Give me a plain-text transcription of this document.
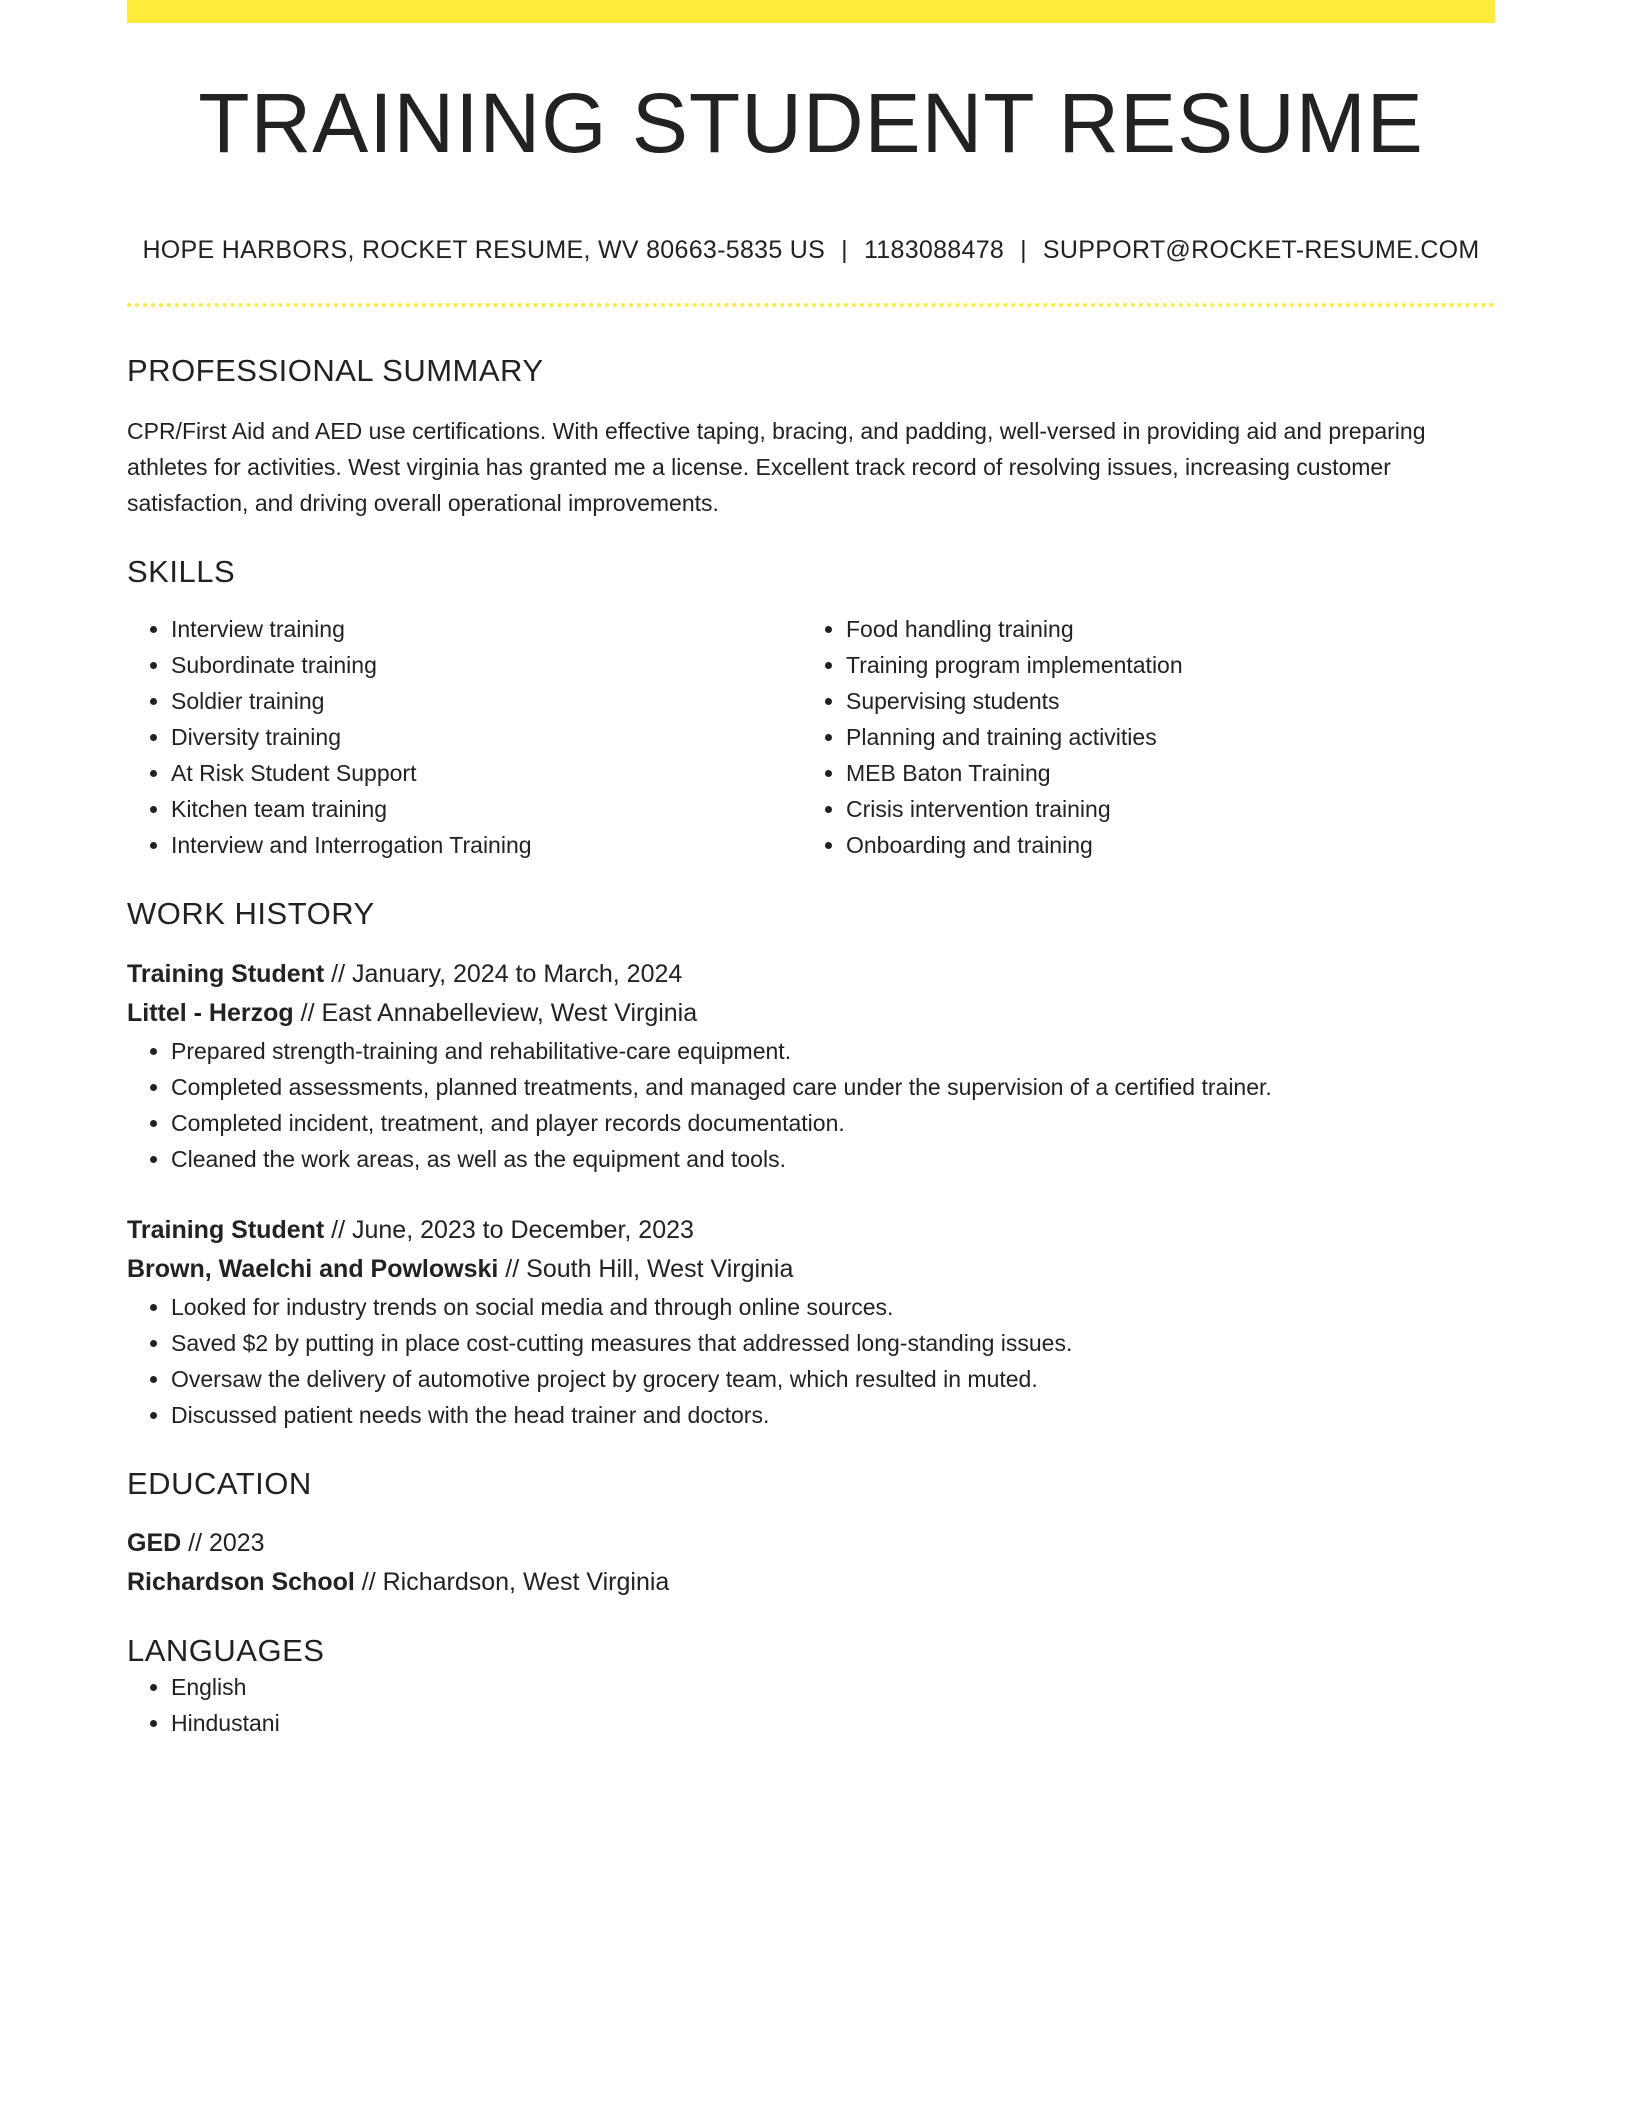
TRAINING STUDENT RESUME
HOPE HARBORS, ROCKET RESUME, WV 80663-5835 US | 1183088478 | SUPPORT@ROCKET-RESUME.COM
PROFESSIONAL SUMMARY

CPR/First Aid and AED use certifications. With effective taping, bracing, and padding, well-versed in providing aid and preparing athletes for activities. West virginia has granted me a license. Excellent track record of resolving issues, increasing customer satisfaction, and driving overall operational improvements.

SKILLS
• Interview training
• Subordinate training
• Soldier training
• Diversity training
• At Risk Student Support
• Kitchen team training
• Interview and Interrogation Training
• Food handling training
• Training program implementation
• Supervising students
• Planning and training activities
• MEB Baton Training
• Crisis intervention training
• Onboarding and training
WORK HISTORY
Training Student // January, 2024 to March, 2024
Littel - Herzog // East Annabelleview, West Virginia
• Prepared strength-training and rehabilitative-care equipment.
• Completed assessments, planned treatments, and managed care under the supervision of a certified trainer.
• Completed incident, treatment, and player records documentation.
• Cleaned the work areas, as well as the equipment and tools.
Training Student // June, 2023 to December, 2023
Brown, Waelchi and Powlowski // South Hill, West Virginia
• Looked for industry trends on social media and through online sources.
• Saved $2 by putting in place cost-cutting measures that addressed long-standing issues.
• Oversaw the delivery of automotive project by grocery team, which resulted in muted.
• Discussed patient needs with the head trainer and doctors.
EDUCATION
GED // 2023
Richardson School // Richardson, West Virginia
LANGUAGES
• English
• Hindustani
